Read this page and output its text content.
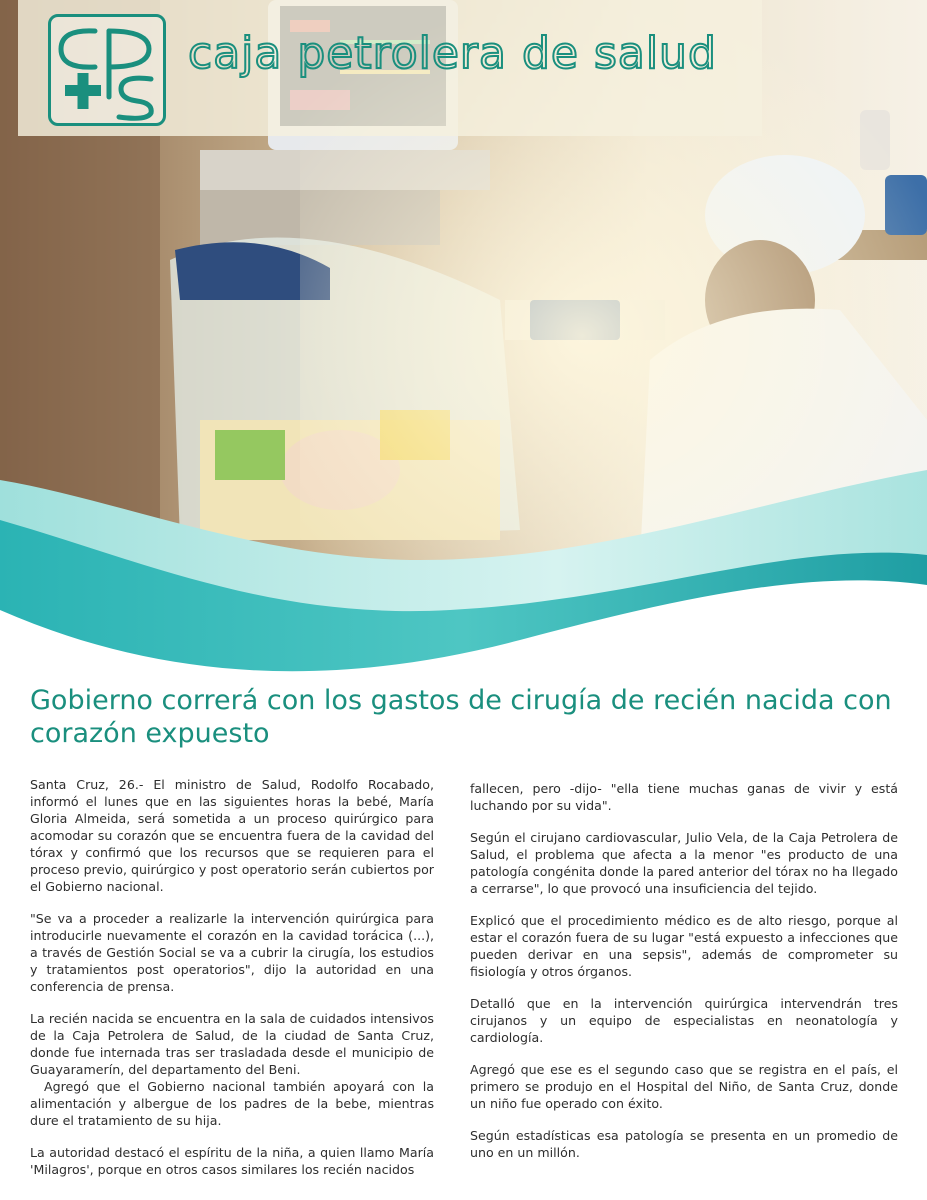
caja petrolera de salud
Gobierno correrá con los gastos de cirugía de recién nacida con corazón expuesto

Santa Cruz, 26.- El ministro de Salud, Rodolfo Rocabado, informó el lunes que en las siguientes horas la bebé, María Gloria Almeida, será sometida a un proceso quirúrgico para acomodar su corazón que se encuentra fuera de la cavidad del tórax y confirmó que los recursos que se requieren para el proceso previo, quirúrgico y post operatorio serán cubiertos por el Gobierno nacional.

"Se va a proceder a realizarle la intervención quirúrgica para introducirle nuevamente el corazón en la cavidad torácica (...), a través de Gestión Social se va a cubrir la cirugía, los estudios y tratamientos post operatorios", dijo la autoridad en una conferencia de prensa.

La recién nacida se encuentra en la sala de cuidados intensivos de la Caja Petrolera de Salud, de la ciudad de Santa Cruz, donde fue internada tras ser trasladada desde el municipio de Guayaramerín, del departamento del Beni.

Agregó que el Gobierno nacional también apoyará con la alimentación y albergue de los padres de la bebe, mientras dure el tratamiento de su hija.

La autoridad destacó el espíritu de la niña, a quien llamo María 'Milagros', porque en otros casos similares los recién nacidos

fallecen, pero -dijo- "ella tiene muchas ganas de vivir y está luchando por su vida".

Según el cirujano cardiovascular, Julio Vela, de la Caja Petrolera de Salud, el problema que afecta a la menor "es producto de una patología congénita donde la pared anterior del tórax no ha llegado a cerrarse", lo que provocó una insuficiencia del tejido.

Explicó que el procedimiento médico es de alto riesgo, porque al estar el corazón fuera de su lugar "está expuesto a infecciones que pueden derivar en una sepsis", además de comprometer su fisiología y otros órganos.

Detalló que en la intervención quirúrgica intervendrán tres cirujanos y un equipo de especialistas en neonatología y cardiología.

Agregó que ese es el segundo caso que se registra en el país, el primero se produjo en el Hospital del Niño, de Santa Cruz, donde un niño fue operado con éxito.

Según estadísticas esa patología se presenta en un promedio de uno en un millón.
